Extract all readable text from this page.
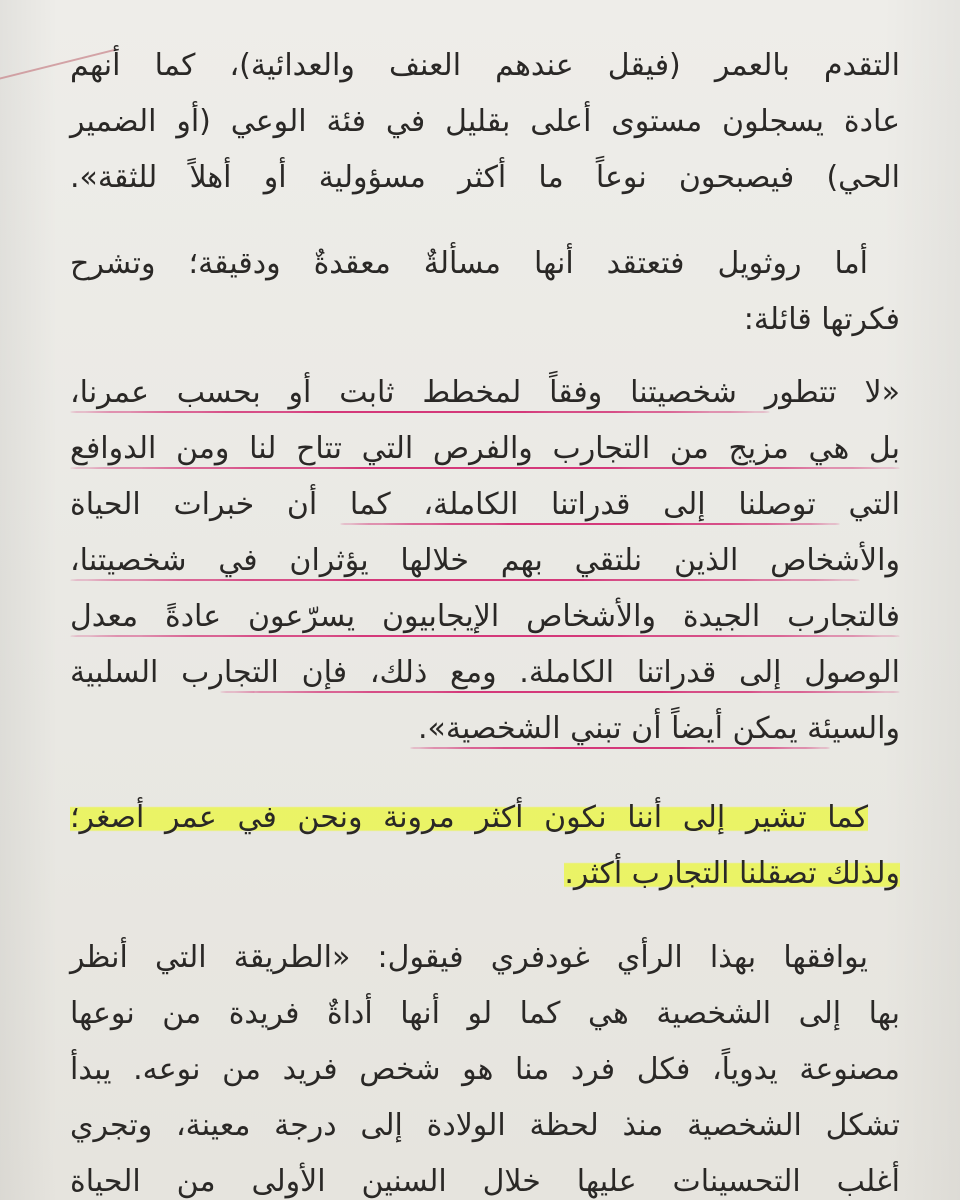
التقدم بالعمر (فيقل عندهم العنف والعدائية)، كما أنهم
عادة يسجلون مستوى أعلى بقليل في فئة الوعي (أو الضمير
الحي) فيصبحون نوعاً ما أكثر مسؤولية أو أهلاً للثقة».
أما روثويل فتعتقد أنها مسألةٌ معقدةٌ ودقيقة؛ وتشرح
فكرتها قائلة:
«لا تتطور شخصيتنا وفقاً لمخطط ثابت أو بحسب عمرنا،
بل هي مزيج من التجارب والفرص التي تتاح لنا ومن الدوافع
التي توصلنا إلى قدراتنا الكاملة، كما أن خبرات الحياة
والأشخاص الذين نلتقي بهم خلالها يؤثران في شخصيتنا،
فالتجارب الجيدة والأشخاص الإيجابيون يسرّعون عادةً معدل
الوصول إلى قدراتنا الكاملة. ومع ذلك، فإن التجارب السلبية
والسيئة يمكن أيضاً أن تبني الشخصية».
كما تشير إلى أننا نكون أكثر مرونة ونحن في عمر أصغر؛
ولذلك تصقلنا التجارب أكثر.
يوافقها بهذا الرأي غودفري فيقول: «الطريقة التي أنظر
بها إلى الشخصية هي كما لو أنها أداةٌ فريدة من نوعها
مصنوعة يدوياً، فكل فرد منا هو شخص فريد من نوعه. يبدأ
تشكل الشخصية منذ لحظة الولادة إلى درجة معينة، وتجري
أغلب التحسينات عليها خلال السنين الأولى من الحياة
